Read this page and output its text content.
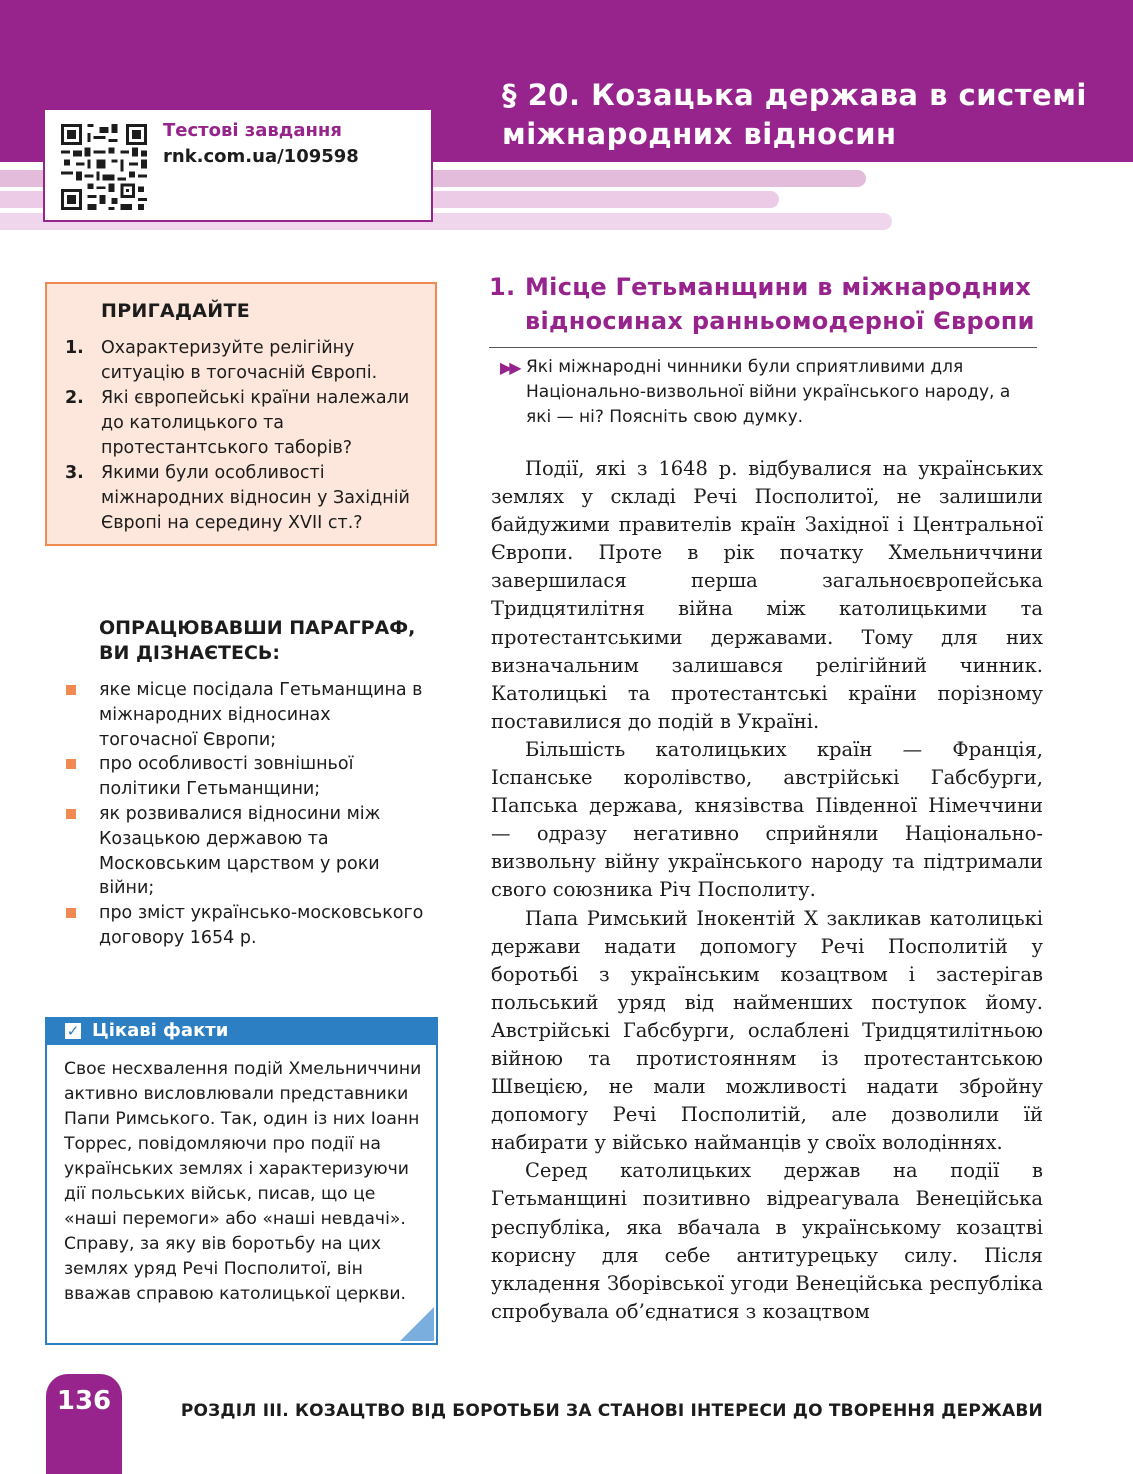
§ 20. Козацька держава в системі
міжнародних відносин
Тестові завдання
rnk.com.ua/109598
ПРИГАДАЙТЕ
1. Охарактеризуйте релігійну ситуацію в тогочасній Європі.
2. Які європейські країни належали до католицького та протестантського таборів?
3. Якими були особливості міжнародних відносин у Західній Європі на середину XVII ст.?
ОПРАЦЮВАВШИ ПАРАГРАФ, ВИ ДІЗНАЄТЕСЬ:
яке місце посідала Гетьманщина в міжнародних відносинах тогочасної Європи;
про особливості зовнішньої політики Гетьманщини;
як розвивалися відносини між Козацькою державою та Московським царством у роки війни;
про зміст українсько-московського договору 1654 р.
✓ Цікаві факти
Своє несхвалення подій Хмельниччини активно висловлювали представники Папи Римського. Так, один із них Іоанн Торрес, повідомляючи про події на українських землях і характеризуючи дії польських військ, писав, що це «наші перемоги» або «наші невдачі». Справу, за яку вів боротьбу на цих землях уряд Речі Посполитої, він вважав справою католицької церкви.
1. Місце Гетьманщини в міжнародних
відносинах ранньомодерної Європи
▶▶ Які міжнародні чинники були сприятливими для Національно-визвольної війни українського народу, а які — ні? Поясніть свою думку.

Події, які з 1648 р. відбувалися на українських землях у складі Речі Посполитої, не залишили байдужими правителів країн Західної і Центральної Європи. Проте в рік початку Хмельниччини завершилася перша загальноєвропейська Тридцятилітня війна між католицькими та протестантськими державами. Тому для них визначальним залишався релігійний чинник. Католицькі та протестантські країни порізному поставилися до подій в Україні.

Більшість католицьких країн — Франція, Іспанське королівство, австрійські Габсбурги, Папська держава, князівства Південної Німеччини — одразу негативно сприйняли Національно-визвольну війну українського народу та підтримали свого союзника Річ Посполиту.

Папа Римський Інокентій X закликав католицькі держави надати допомогу Речі Посполитій у боротьбі з українським козацтвом і застерігав польський уряд від найменших поступок йому. Австрійські Габсбурги, ослаблені Тридцятилітньою війною та протистоянням із протестантською Швецією, не мали можливості надати збройну допомогу Речі Посполитій, але дозволили їй набирати у військо найманців у своїх володіннях.

Серед католицьких держав на події в Гетьманщині позитивно відреагувала Венеційська республіка, яка вбачала в українському козацтві корисну для себе антитурецьку силу. Після укладення Зборівської угоди Венеційська республіка спробувала об’єднатися з козацтвом

136	РОЗДІЛ ІІІ. КОЗАЦТВО ВІД БОРОТЬБИ ЗА СТАНОВІ ІНТЕРЕСИ ДО ТВОРЕННЯ ДЕРЖАВИ
